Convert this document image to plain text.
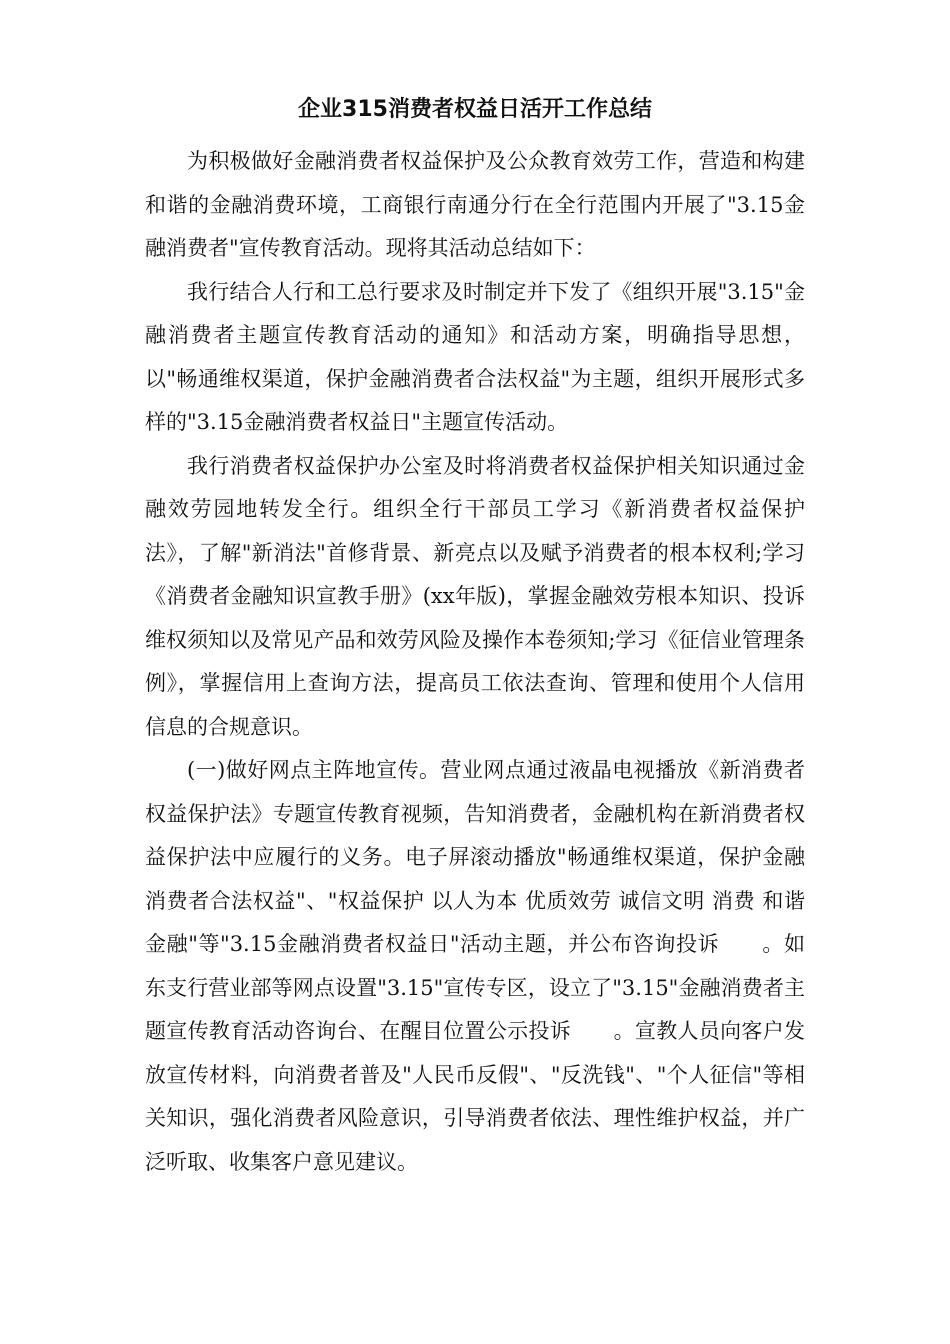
企业315消费者权益日活开工作总结

为积极做好金融消费者权益保护及公众教育效劳工作，营造和构建和谐的金融消费环境，工商银行南通分行在全行范围内开展了"3.15金融消费者"宣传教育活动。现将其活动总结如下：

我行结合人行和工总行要求及时制定并下发了《组织开展"3.15"金融消费者主题宣传教育活动的通知》和活动方案，明确指导思想，以"畅通维权渠道，保护金融消费者合法权益"为主题，组织开展形式多样的"3.15金融消费者权益日"主题宣传活动。

我行消费者权益保护办公室及时将消费者权益保护相关知识通过金融效劳园地转发全行。组织全行干部员工学习《新消费者权益保护法》，了解"新消法"首修背景、新亮点以及赋予消费者的根本权利;学习《消费者金融知识宣教手册》(xx年版)，掌握金融效劳根本知识、投诉维权须知以及常见产品和效劳风险及操作本卷须知;学习《征信业管理条例》，掌握信用上查询方法，提高员工依法查询、管理和使用个人信用信息的合规意识。

(一)做好网点主阵地宣传。营业网点通过液晶电视播放《新消费者权益保护法》专题宣传教育视频，告知消费者，金融机构在新消费者权益保护法中应履行的义务。电子屏滚动播放"畅通维权渠道，保护金融消费者合法权益"、"权益保护 以人为本 优质效劳 诚信文明 消费 和谐金融"等"3.15金融消费者权益日"活动主题，并公布咨询投诉　　。如东支行营业部等网点设置"3.15"宣传专区，设立了"3.15"金融消费者主题宣传教育活动咨询台、在醒目位置公示投诉　　。宣教人员向客户发放宣传材料，向消费者普及"人民币反假"、"反洗钱"、"个人征信"等相关知识，强化消费者风险意识，引导消费者依法、理性维护权益，并广泛听取、收集客户意见建议。
